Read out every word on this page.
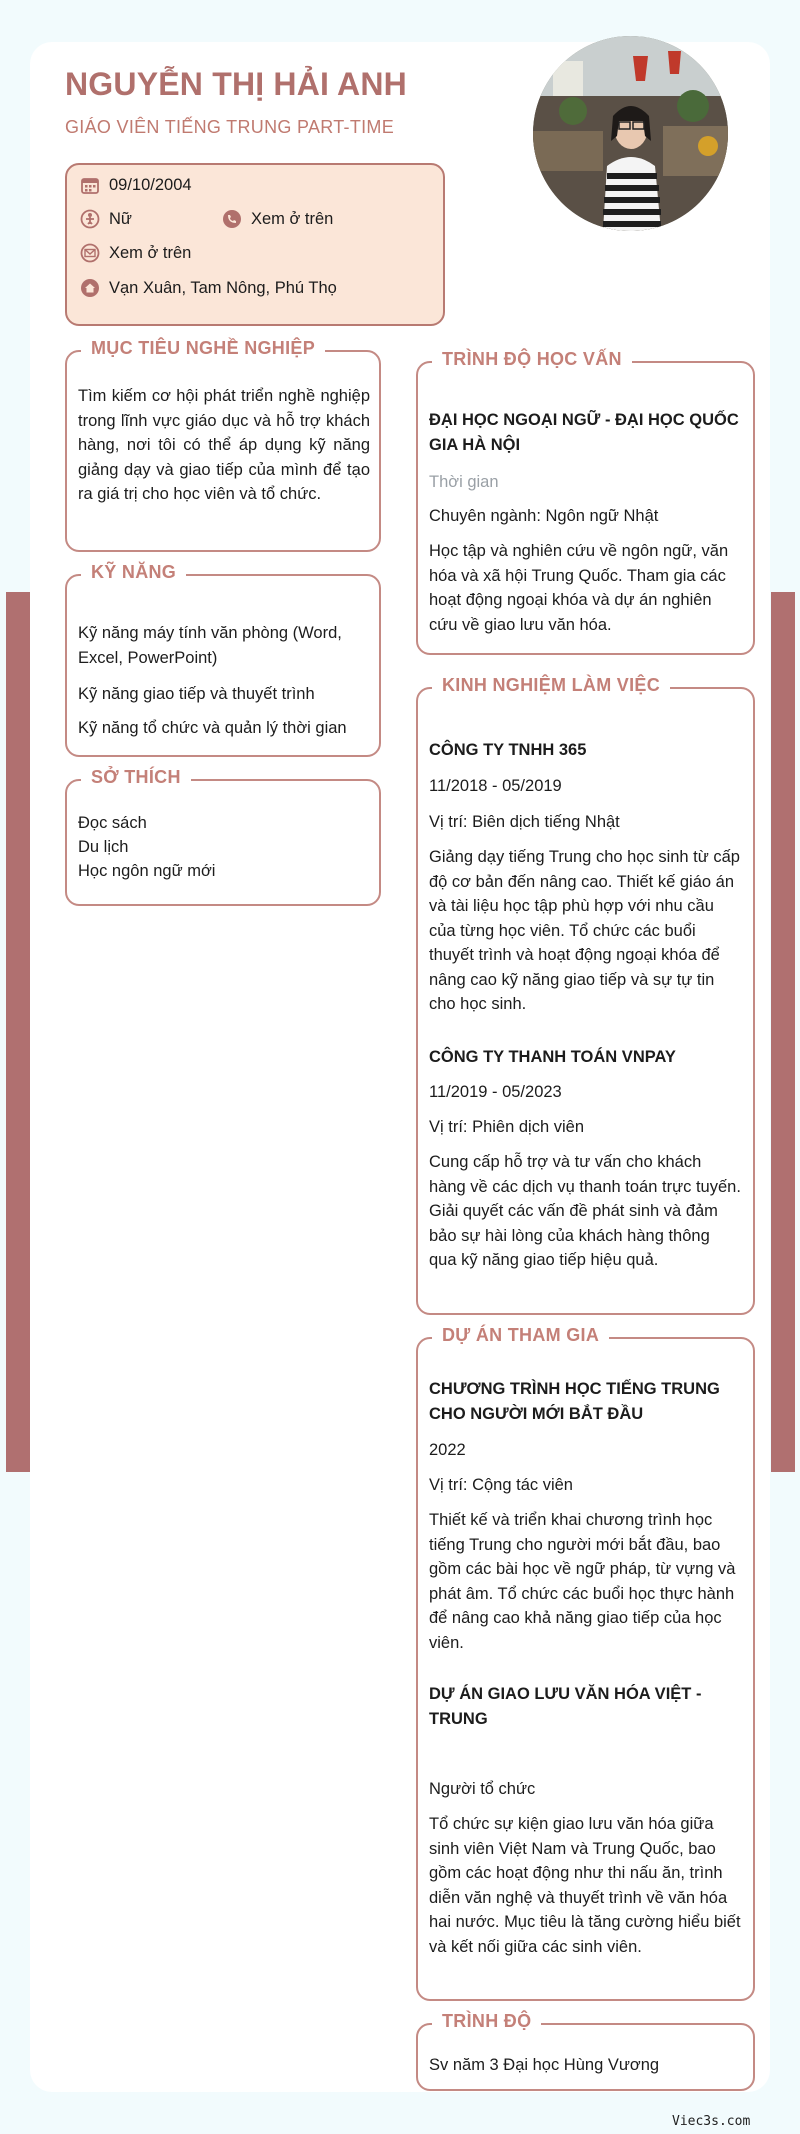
NGUYỄN THỊ HẢI ANH
GIÁO VIÊN TIẾNG TRUNG PART-TIME
09/10/2004
Nữ	Xem ở trên
Xem ở trên
Vạn Xuân, Tam Nông, Phú Thọ
MỤC TIÊU NGHỀ NGHIỆP

Tìm kiếm cơ hội phát triển nghề nghiệp trong lĩnh vực giáo dục và hỗ trợ khách hàng, nơi tôi có thể áp dụng kỹ năng giảng dạy và giao tiếp của mình để tạo ra giá trị cho học viên và tổ chức.

KỸ NĂNG

Kỹ năng máy tính văn phòng (Word, Excel, PowerPoint)

Kỹ năng giao tiếp và thuyết trình

Kỹ năng tổ chức và quản lý thời gian

SỞ THÍCH

Đọc sách

Du lịch

Học ngôn ngữ mới

TRÌNH ĐỘ HỌC VẤN

ĐẠI HỌC NGOẠI NGỮ - ĐẠI HỌC QUỐC GIA HÀ NỘI

Thời gian

Chuyên ngành: Ngôn ngữ Nhật

Học tập và nghiên cứu về ngôn ngữ, văn hóa và xã hội Trung Quốc. Tham gia các hoạt động ngoại khóa và dự án nghiên cứu về giao lưu văn hóa.

KINH NGHIỆM LÀM VIỆC

CÔNG TY TNHH 365

11/2018 - 05/2019

Vị trí: Biên dịch tiếng Nhật

Giảng dạy tiếng Trung cho học sinh từ cấp độ cơ bản đến nâng cao. Thiết kế giáo án và tài liệu học tập phù hợp với nhu cầu của từng học viên. Tổ chức các buổi thuyết trình và hoạt động ngoại khóa để nâng cao kỹ năng giao tiếp và sự tự tin cho học sinh.

CÔNG TY THANH TOÁN VNPAY

11/2019 - 05/2023

Vị trí: Phiên dịch viên

Cung cấp hỗ trợ và tư vấn cho khách hàng về các dịch vụ thanh toán trực tuyến. Giải quyết các vấn đề phát sinh và đảm bảo sự hài lòng của khách hàng thông qua kỹ năng giao tiếp hiệu quả.

DỰ ÁN THAM GIA

CHƯƠNG TRÌNH HỌC TIẾNG TRUNG CHO NGƯỜI MỚI BẮT ĐẦU

2022

Vị trí: Cộng tác viên

Thiết kế và triển khai chương trình học tiếng Trung cho người mới bắt đầu, bao gồm các bài học về ngữ pháp, từ vựng và phát âm. Tổ chức các buổi học thực hành để nâng cao khả năng giao tiếp của học viên.

DỰ ÁN GIAO LƯU VĂN HÓA VIỆT - TRUNG

Người tổ chức

Tổ chức sự kiện giao lưu văn hóa giữa sinh viên Việt Nam và Trung Quốc, bao gồm các hoạt động như thi nấu ăn, trình diễn văn nghệ và thuyết trình về văn hóa hai nước. Mục tiêu là tăng cường hiểu biết và kết nối giữa các sinh viên.

TRÌNH ĐỘ

Sv năm 3 Đại học Hùng Vương

Viec3s.com
